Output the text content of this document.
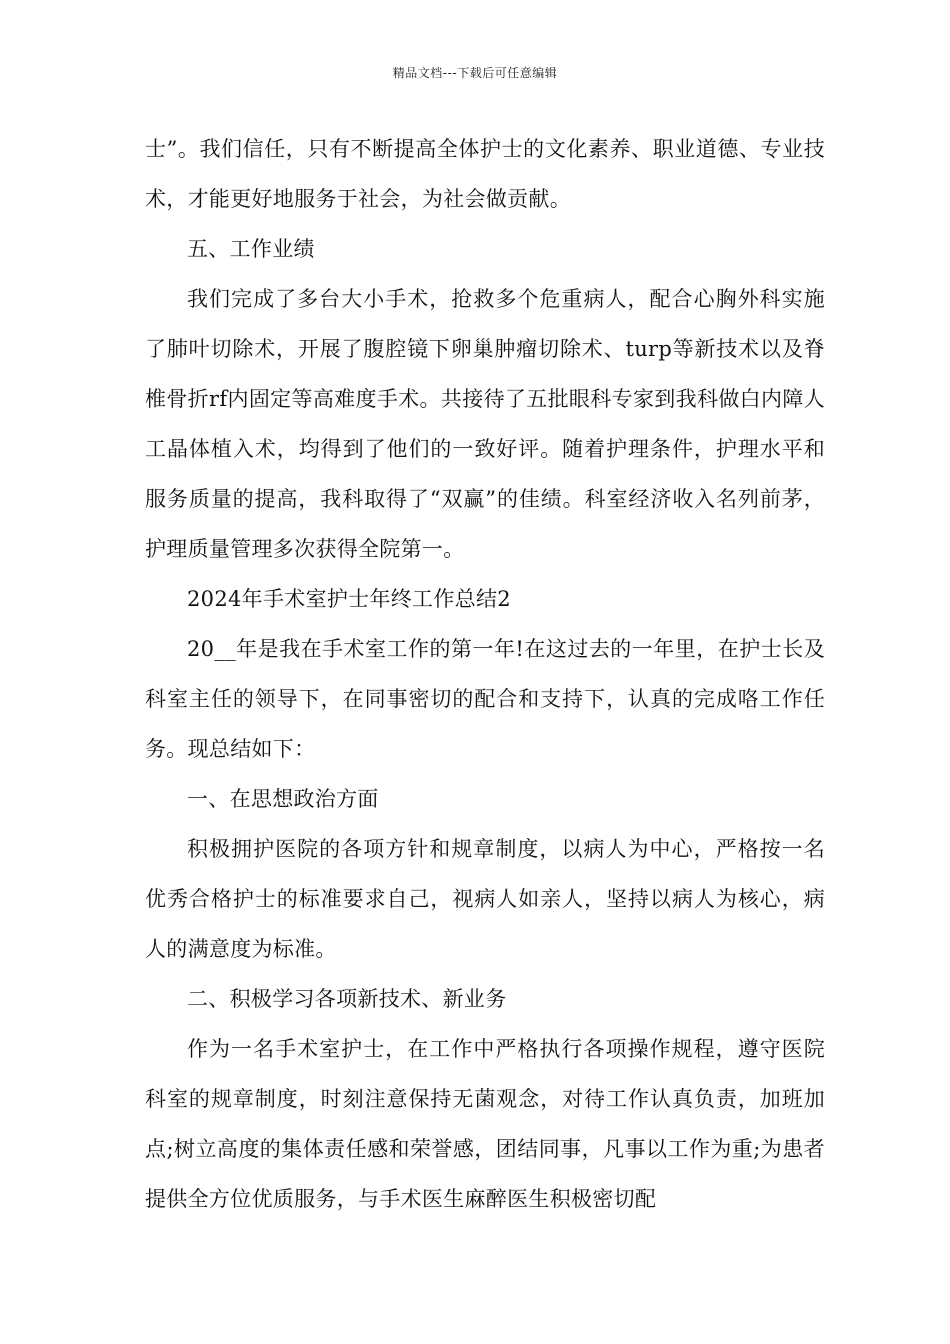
精品文档---下载后可任意编辑

士”。我们信任，只有不断提高全体护士的文化素养、职业道德、专业技术，才能更好地服务于社会，为社会做贡献。

五、工作业绩

我们完成了多台大小手术，抢救多个危重病人，配合心胸外科实施了肺叶切除术，开展了腹腔镜下卵巢肿瘤切除术、turp等新技术以及脊椎骨折rf内固定等高难度手术。共接待了五批眼科专家到我科做白内障人工晶体植入术，均得到了他们的一致好评。随着护理条件，护理水平和服务质量的提高，我科取得了“双赢”的佳绩。科室经济收入名列前茅，护理质量管理多次获得全院第一。

2024年手术室护士年终工作总结2

20__年是我在手术室工作的第一年!在这过去的一年里，在护士长及科室主任的领导下，在同事密切的配合和支持下，认真的完成咯工作任务。现总结如下：

一、在思想政治方面

积极拥护医院的各项方针和规章制度，以病人为中心，严格按一名优秀合格护士的标准要求自己，视病人如亲人，坚持以病人为核心，病人的满意度为标准。

二、积极学习各项新技术、新业务

作为一名手术室护士，在工作中严格执行各项操作规程，遵守医院科室的规章制度，时刻注意保持无菌观念，对待工作认真负责，加班加点;树立高度的集体责任感和荣誉感，团结同事，凡事以工作为重;为患者提供全方位优质服务，与手术医生麻醉医生积极密切配
